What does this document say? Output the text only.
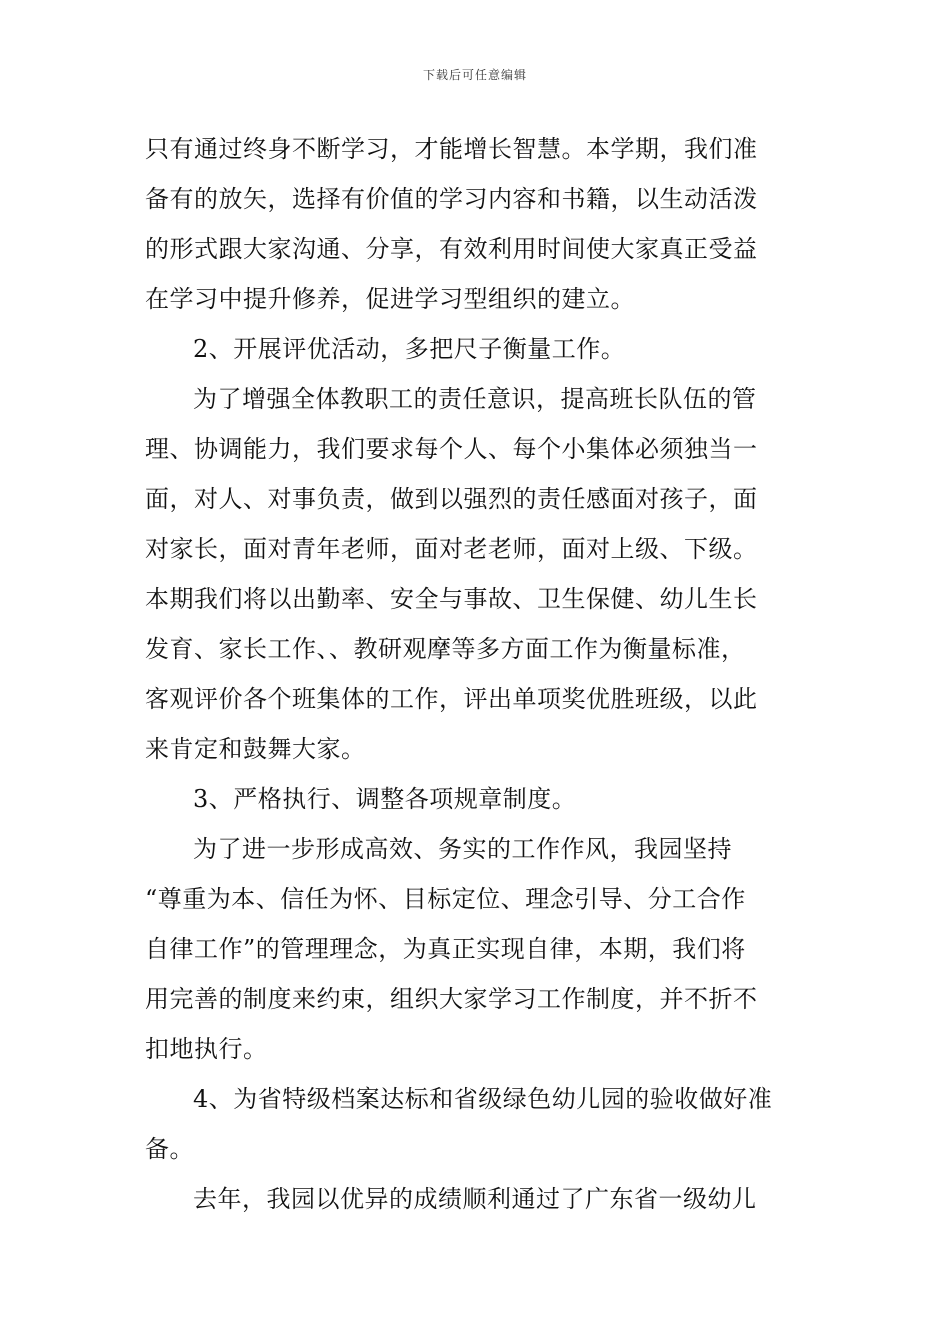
下载后可任意编辑
只有通过终身不断学习，才能增长智慧。本学期，我们准
备有的放矢，选择有价值的学习内容和书籍，以生动活泼
的形式跟大家沟通、分享，有效利用时间使大家真正受益
在学习中提升修养，促进学习型组织的建立。
2、开展评优活动，多把尺子衡量工作。
为了增强全体教职工的责任意识，提高班长队伍的管
理、协调能力，我们要求每个人、每个小集体必须独当一
面，对人、对事负责，做到以强烈的责任感面对孩子，面
对家长，面对青年老师，面对老老师，面对上级、下级。
本期我们将以出勤率、安全与事故、卫生保健、幼儿生长
发育、家长工作、、教研观摩等多方面工作为衡量标准，
客观评价各个班集体的工作，评出单项奖优胜班级，以此
来肯定和鼓舞大家。
3、严格执行、调整各项规章制度。
为了进一步形成高效、务实的工作作风，我园坚持
“尊重为本、信任为怀、目标定位、理念引导、分工合作
自律工作”的管理理念，为真正实现自律，本期，我们将
用完善的制度来约束，组织大家学习工作制度，并不折不
扣地执行。
4、为省特级档案达标和省级绿色幼儿园的验收做好准
备。
去年，我园以优异的成绩顺利通过了广东省一级幼儿
